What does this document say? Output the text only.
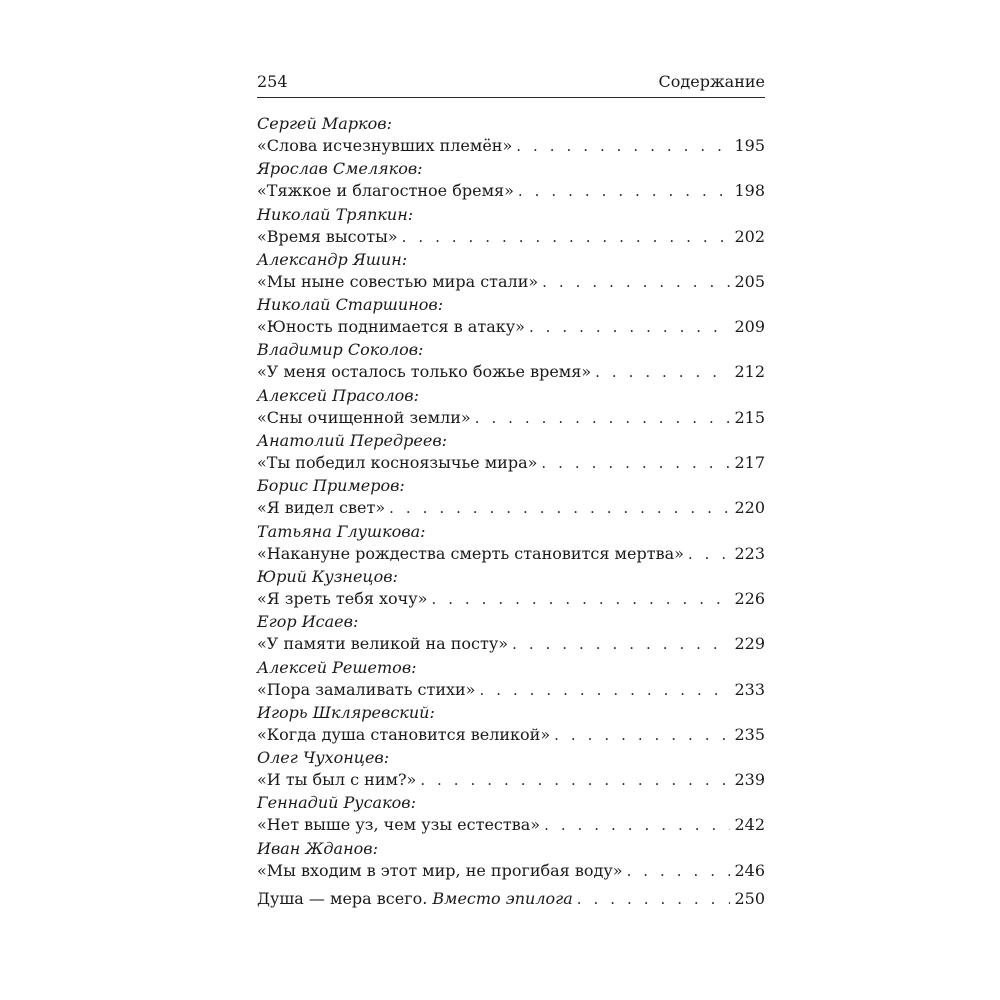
254	Содержание
Сергей Марков:
«Слова исчезнувших племён» . . .	195
Ярослав Смеляков:
«Тяжкое и благостное бремя» . . .	198
Николай Тряпкин:
«Время высоты» . . .	202
Александр Яшин:
«Мы ныне совестью мира стали» . . .	205
Николай Старшинов:
«Юность поднимается в атаку» . . .	209
Владимир Соколов:
«У меня осталось только божье время» . . .	212
Алексей Прасолов:
«Сны очищенной земли» . . .	215
Анатолий Передреев:
«Ты победил косноязычье мира» . . .	217
Борис Примеров:
«Я видел свет» . . .	220
Татьяна Глушкова:
«Накануне рождества смерть становится мертва» . . .	223
Юрий Кузнецов:
«Я зреть тебя хочу» . . .	226
Егор Исаев:
«У памяти великой на посту» . . .	229
Алексей Решетов:
«Пора замаливать стихи» . . .	233
Игорь Шкляревский:
«Когда душа становится великой» . . .	235
Олег Чухонцев:
«И ты был с ним?» . . .	239
Геннадий Русаков:
«Нет выше уз, чем узы естества» . . .	242
Иван Жданов:
«Мы входим в этот мир, не прогибая воду» . . .	246
Душа — мера всего. Вместо эпилога . . .	250
